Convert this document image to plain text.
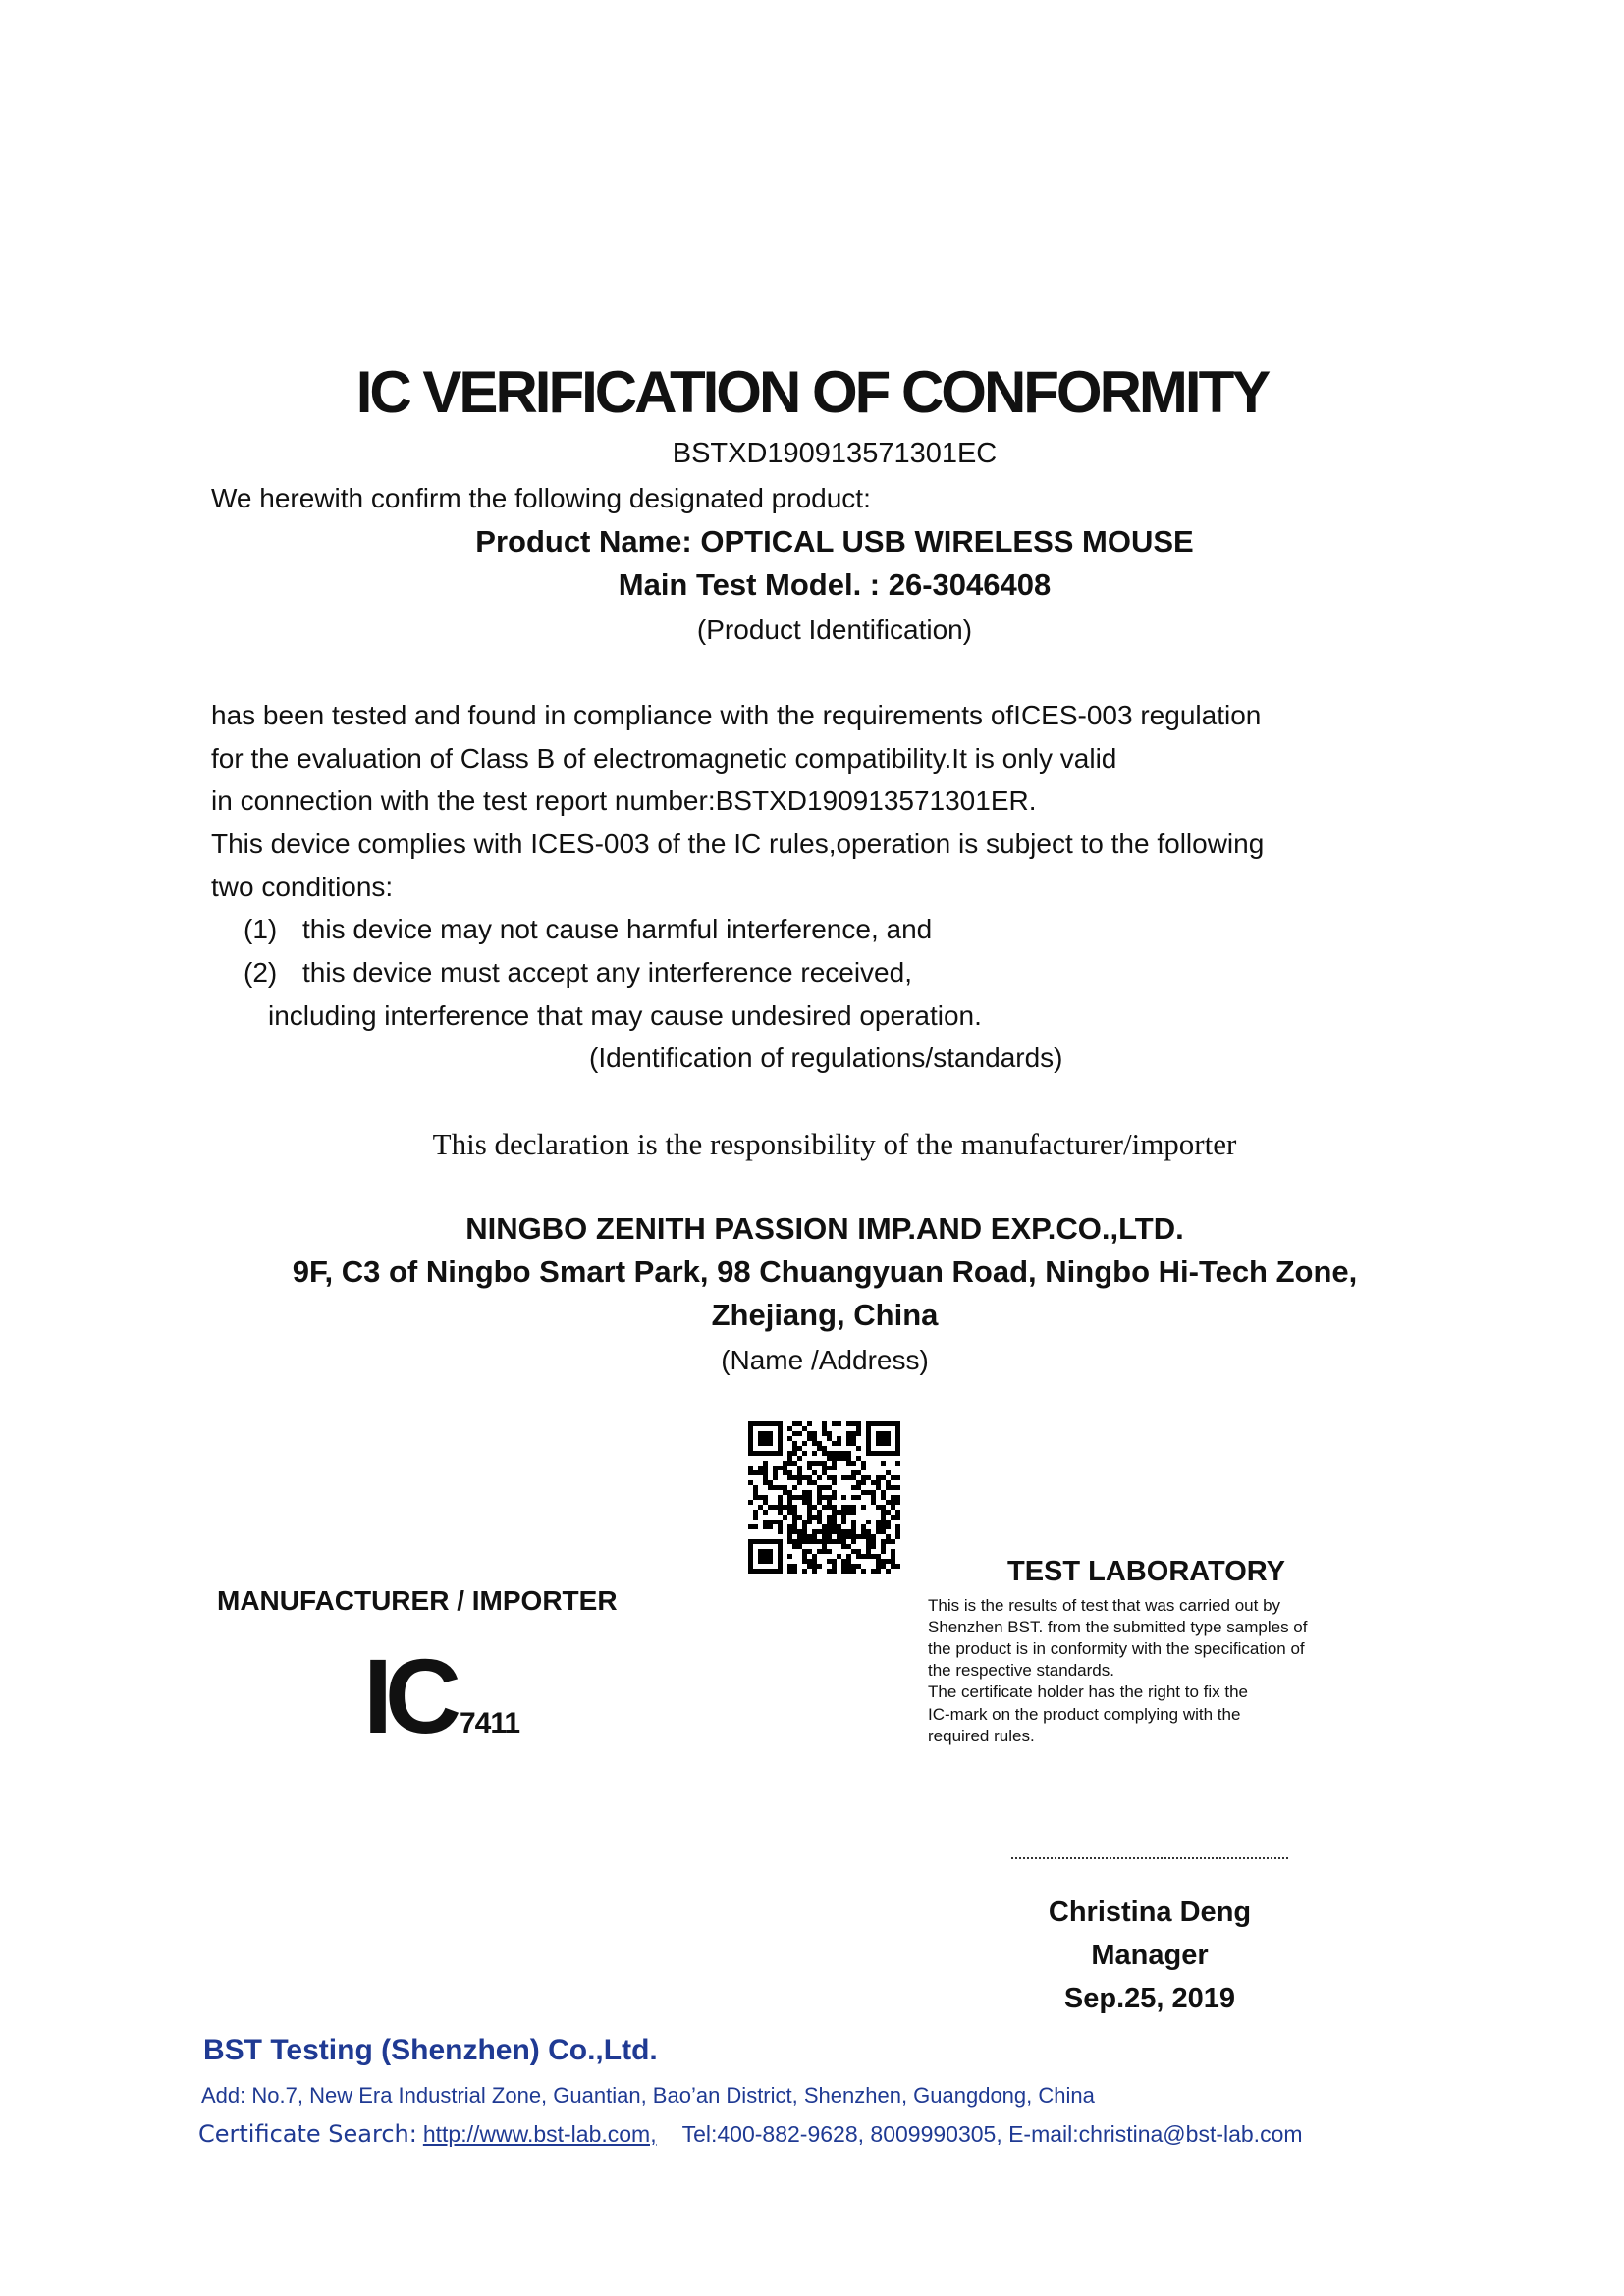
IC VERIFICATION OF CONFORMITY
BSTXD190913571301EC
We herewith confirm the following designated product:
Product Name: OPTICAL USB WIRELESS MOUSE
Main Test Model. : 26-3046408
(Product Identification)
has been tested and found in compliance with the requirements ofICES-003 regulation
for the evaluation of Class B of electromagnetic compatibility.It is only valid
in connection with the test report number:BSTXD190913571301ER.
This device complies with ICES-003 of the IC rules,operation is subject to the following
two conditions:
(1) this device may not cause harmful interference, and
(2) this device must accept any interference received,
including interference that may cause undesired operation.
(Identification of regulations/standards)
This declaration is the responsibility of the manufacturer/importer
NINGBO ZENITH PASSION IMP.AND EXP.CO.,LTD.
9F, C3 of Ningbo Smart Park, 98 Chuangyuan Road, Ningbo Hi-Tech Zone,
Zhejiang, China
(Name /Address)
TEST LABORATORY
This is the results of test that was carried out by
Shenzhen BST. from the submitted type samples of
the product is in conformity with the specification of
the respective standards.
The certificate holder has the right to fix the
IC-mark on the product complying with the
required rules.
MANUFACTURER / IMPORTER
IC 7411
Christina Deng
Manager
Sep.25, 2019
BST Testing (Shenzhen) Co.,Ltd.
Add: No.7, New Era Industrial Zone, Guantian, Bao’an District, Shenzhen, Guangdong, China
Certificate Search: http://www.bst-lab.com, Tel:400-882-9628, 8009990305, E-mail:christina@bst-lab.com
